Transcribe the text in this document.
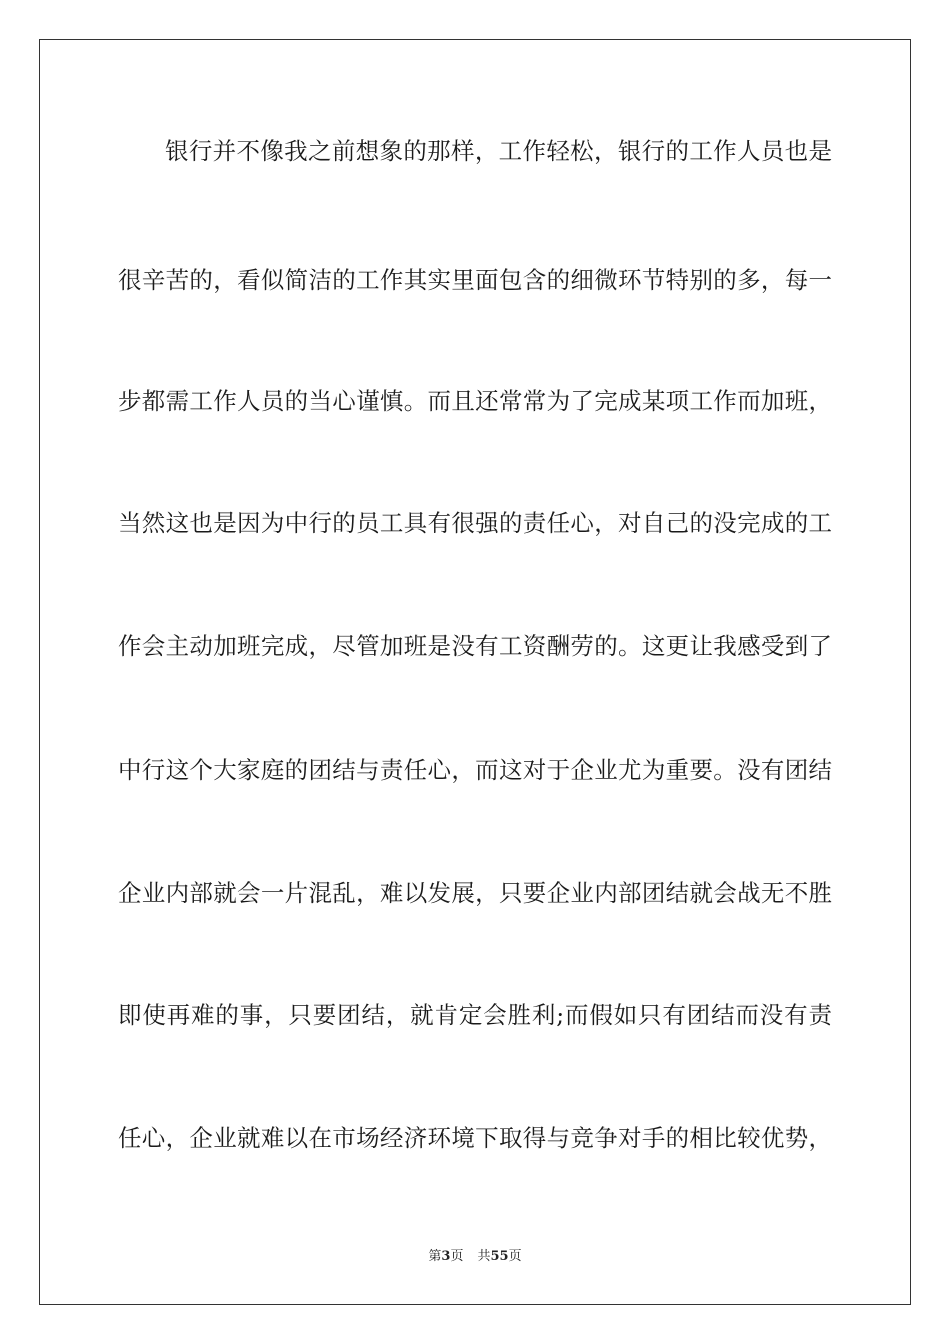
银行并不像我之前想象的那样，工作轻松，银行的工作人员也是
很辛苦的，看似简洁的工作其实里面包含的细微环节特别的多，每一
步都需工作人员的当心谨慎。而且还常常为了完成某项工作而加班，
当然这也是因为中行的员工具有很强的责任心，对自己的没完成的工
作会主动加班完成，尽管加班是没有工资酬劳的。这更让我感受到了
中行这个大家庭的团结与责任心，而这对于企业尤为重要。没有团结
企业内部就会一片混乱，难以发展，只要企业内部团结就会战无不胜
即使再难的事，只要团结，就肯定会胜利;而假如只有团结而没有责
任心，企业就难以在市场经济环境下取得与竞争对手的相比较优势，
第3页 共55页
